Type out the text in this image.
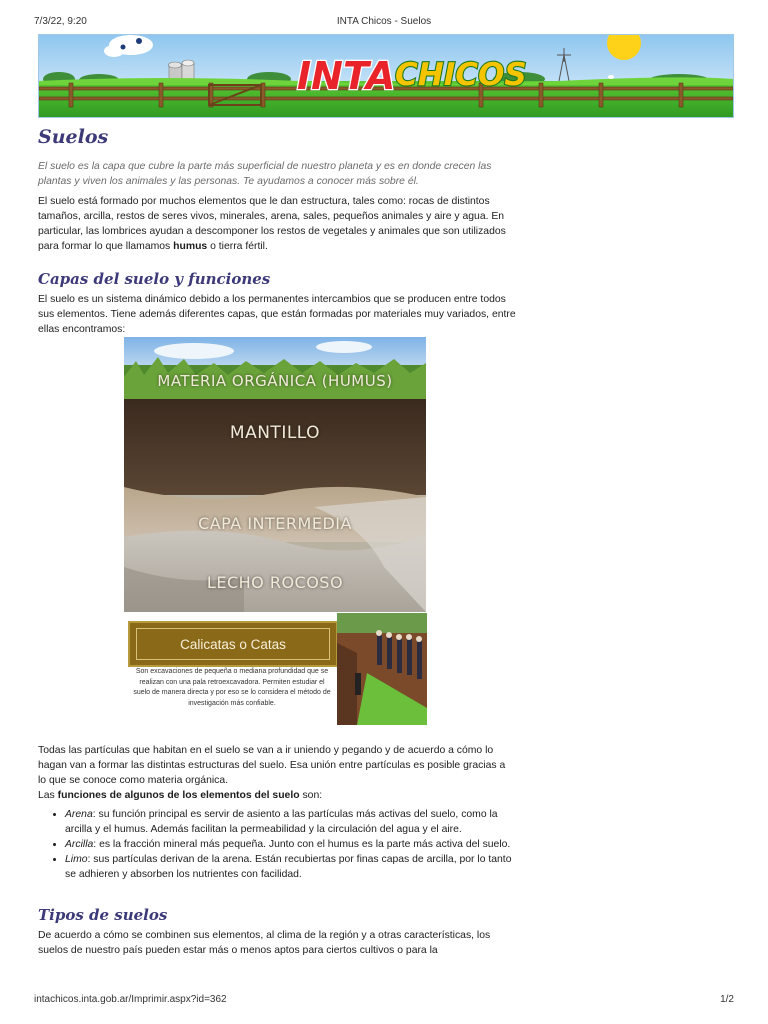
7/3/22, 9:20	INTA Chicos - Suelos
INTA CHICOS
Suelos

El suelo es la capa que cubre la parte más superficial de nuestro planeta y es en donde crecen las plantas y viven los animales y las personas. Te ayudamos a conocer más sobre él.

El suelo está formado por muchos elementos que le dan estructura, tales como: rocas de distintos tamaños, arcilla, restos de seres vivos, minerales, arena, sales, pequeños animales y aire y agua. En particular, las lombrices ayudan a descomponer los restos de vegetales y animales que son utilizados para formar lo que llamamos humus o tierra fértil.

Capas del suelo y funciones

El suelo es un sistema dinámico debido a los permanentes intercambios que se producen entre todos sus elementos. Tiene además diferentes capas, que están formadas por materiales muy variados, entre ellas encontramos:

MATERIA ORGÁNICA (HUMUS)
MANTILLO
CAPA INTERMEDIA
LECHO ROCOSO
Calicatas o Catas
Son excavaciones de pequeña o mediana profundidad que se realizan con una pala retroexcavadora. Permiten estudiar el suelo de manera directa y por eso se lo considera el método de investigación más confiable.

Todas las partículas que habitan en el suelo se van a ir uniendo y pegando y de acuerdo a cómo lo hagan van a formar las distintas estructuras del suelo. Esa unión entre partículas es posible gracias a lo que se conoce como materia orgánica.

Las funciones de algunos de los elementos del suelo son:

• Arena: su función principal es servir de asiento a las partículas más activas del suelo, como la arcilla y el humus. Además facilitan la permeabilidad y la circulación del agua y el aire.
• Arcilla: es la fracción mineral más pequeña. Junto con el humus es la parte más activa del suelo.
• Limo: sus partículas derivan de la arena. Están recubiertas por finas capas de arcilla, por lo tanto se adhieren y absorben los nutrientes con facilidad.
Tipos de suelos

De acuerdo a cómo se combinen sus elementos, al clima de la región y a otras características, los suelos de nuestro país pueden estar más o menos aptos para ciertos cultivos o para la

intachicos.inta.gob.ar/Imprimir.aspx?id=362	1/2
